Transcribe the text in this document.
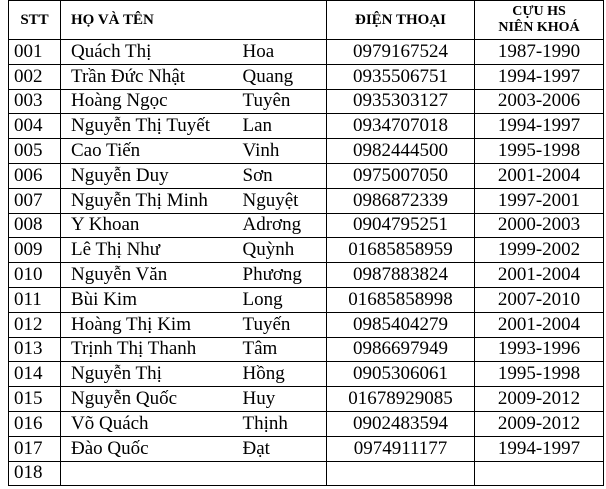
STT	HỌ VÀ TÊN		ĐIỆN THOẠI	CỰU HS
NIÊN KHOÁ

001	Quách Thị	Hoa	0979167524	1987-1990
002	Trần Đức Nhật	Quang	0935506751	1994-1997
003	Hoàng Ngọc	Tuyên	0935303127	2003-2006
004	Nguyễn Thị Tuyết	Lan	0934707018	1994-1997
005	Cao Tiến	Vinh	0982444500	1995-1998
006	Nguyễn Duy	Sơn	0975007050	2001-2004
007	Nguyễn Thị Minh	Nguyệt	0986872339	1997-2001
008	Y Khoan	Adrơng	0904795251	2000-2003
009	Lê Thị Như	Quỳnh	01685858959	1999-2002
010	Nguyễn Văn	Phương	0987883824	2001-2004
011	Bùi Kim	Long	01685858998	2007-2010
012	Hoàng Thị Kim	Tuyến	0985404279	2001-2004
013	Trịnh Thị Thanh	Tâm	0986697949	1993-1996
014	Nguyễn Thị	Hồng	0905306061	1995-1998
015	Nguyễn Quốc	Huy	01678929085	2009-2012
016	Võ Quách	Thịnh	0902483594	2009-2012
017	Đào Quốc	Đạt	0974911177	1994-1997
018				
